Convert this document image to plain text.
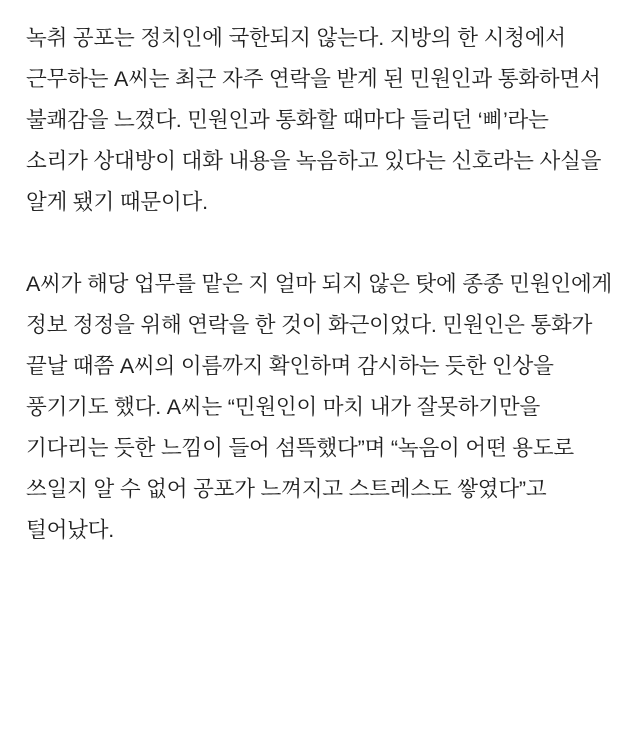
녹취 공포는 정치인에 국한되지 않는다. 지방의 한 시청에서 근무하는 A씨는 최근 자주 연락을 받게 된 민원인과 통화하면서 불쾌감을 느꼈다. 민원인과 통화할 때마다 들리던 ‘삐’라는 소리가 상대방이 대화 내용을 녹음하고 있다는 신호라는 사실을 알게 됐기 때문이다.

A씨가 해당 업무를 맡은 지 얼마 되지 않은 탓에 종종 민원인에게 정보 정정을 위해 연락을 한 것이 화근이었다. 민원인은 통화가 끝날 때쯤 A씨의 이름까지 확인하며 감시하는 듯한 인상을 풍기기도 했다. A씨는 “민원인이 마치 내가 잘못하기만을 기다리는 듯한 느낌이 들어 섬뜩했다”며 “녹음이 어떤 용도로 쓰일지 알 수 없어 공포가 느껴지고 스트레스도 쌓였다”고 털어났다.
